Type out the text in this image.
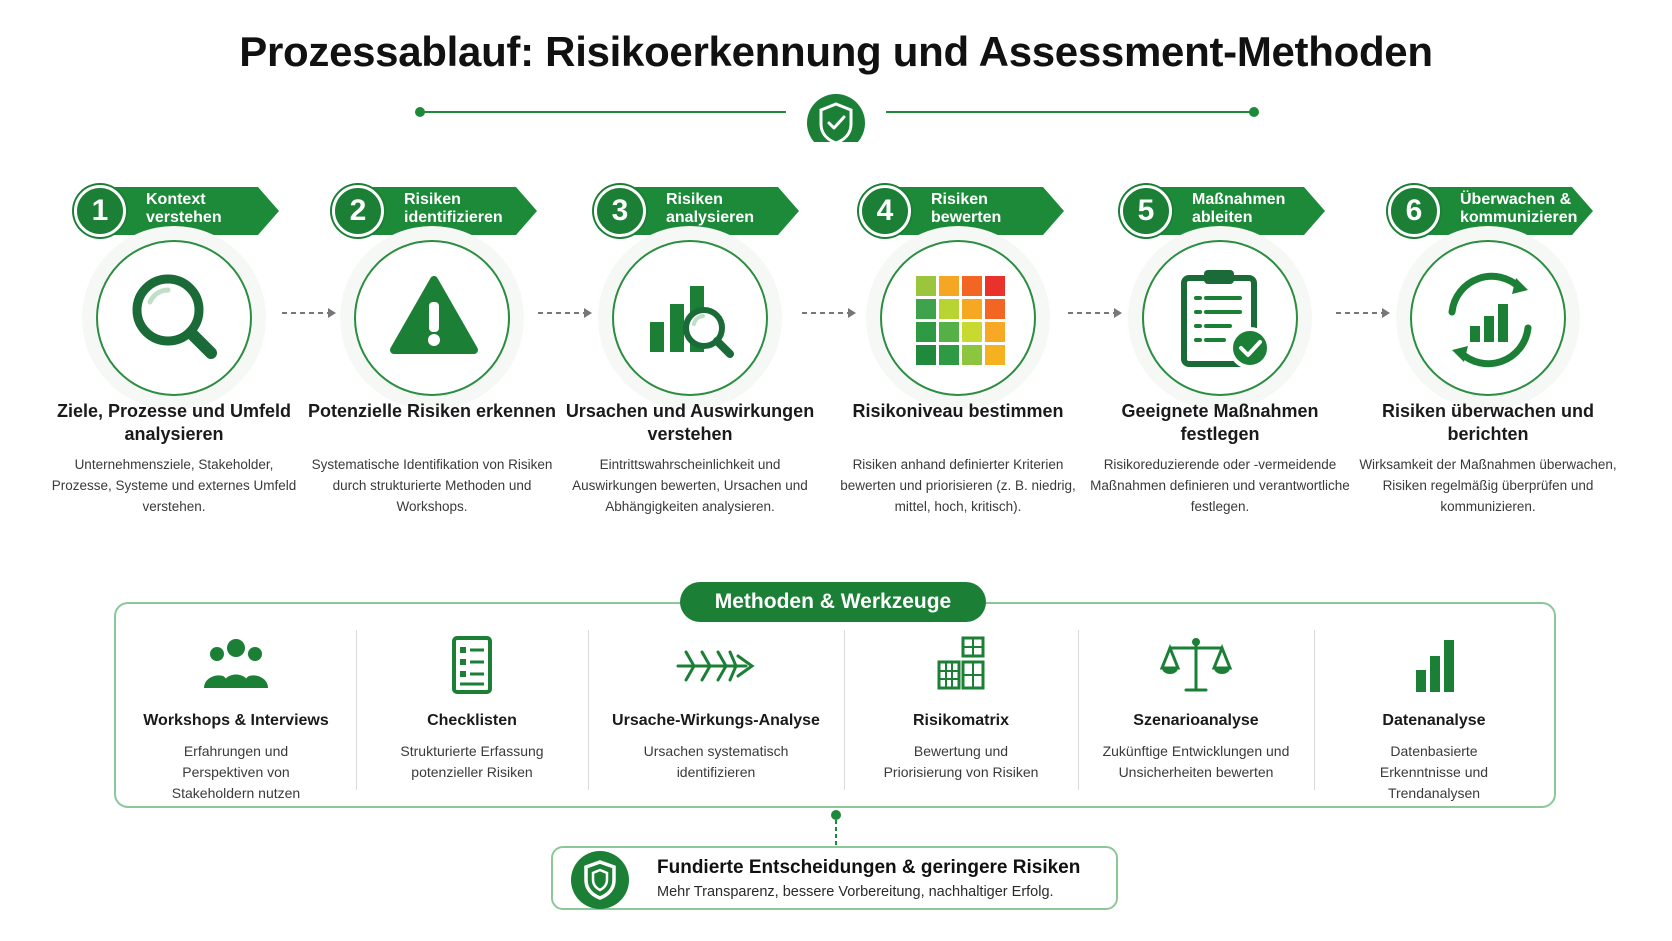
Prozessablauf: Risikoerkennung und Assessment-Methoden
1	Kontext verstehen
Ziele, Prozesse und Umfeld analysieren
Unternehmensziele, Stakeholder, Prozesse, Systeme und externes Umfeld verstehen.
2	Risiken identifizieren
Potenzielle Risiken erkennen
Systematische Identifikation von Risiken durch strukturierte Methoden und Workshops.
3	Risiken analysieren
Ursachen und Auswirkungen verstehen
Eintrittswahrscheinlichkeit und Auswirkungen bewerten, Ursachen und Abhängigkeiten analysieren.
4	Risiken bewerten
Risikoniveau bestimmen
Risiken anhand definierter Kriterien bewerten und priorisieren (z. B. niedrig, mittel, hoch, kritisch).
5	Maßnahmen ableiten
Geeignete Maßnahmen festlegen
Risikoreduzierende oder -vermeidende Maßnahmen definieren und verantwortliche festlegen.
6	Überwachen & kommunizieren
Risiken überwachen und berichten
Wirksamkeit der Maßnahmen überwachen, Risiken regelmäßig überprüfen und kommunizieren.
Methoden & Werkzeuge
Workshops & Interviews
Erfahrungen und Perspektiven von Stakeholdern nutzen
Checklisten
Strukturierte Erfassung potenzieller Risiken
Ursache-Wirkungs-Analyse
Ursachen systematisch identifizieren
Risikomatrix
Bewertung und Priorisierung von Risiken
Szenarioanalyse
Zukünftige Entwicklungen und Unsicherheiten bewerten
Datenanalyse
Datenbasierte Erkenntnisse und Trendanalysen
Fundierte Entscheidungen & geringere Risiken
Mehr Transparenz, bessere Vorbereitung, nachhaltiger Erfolg.
